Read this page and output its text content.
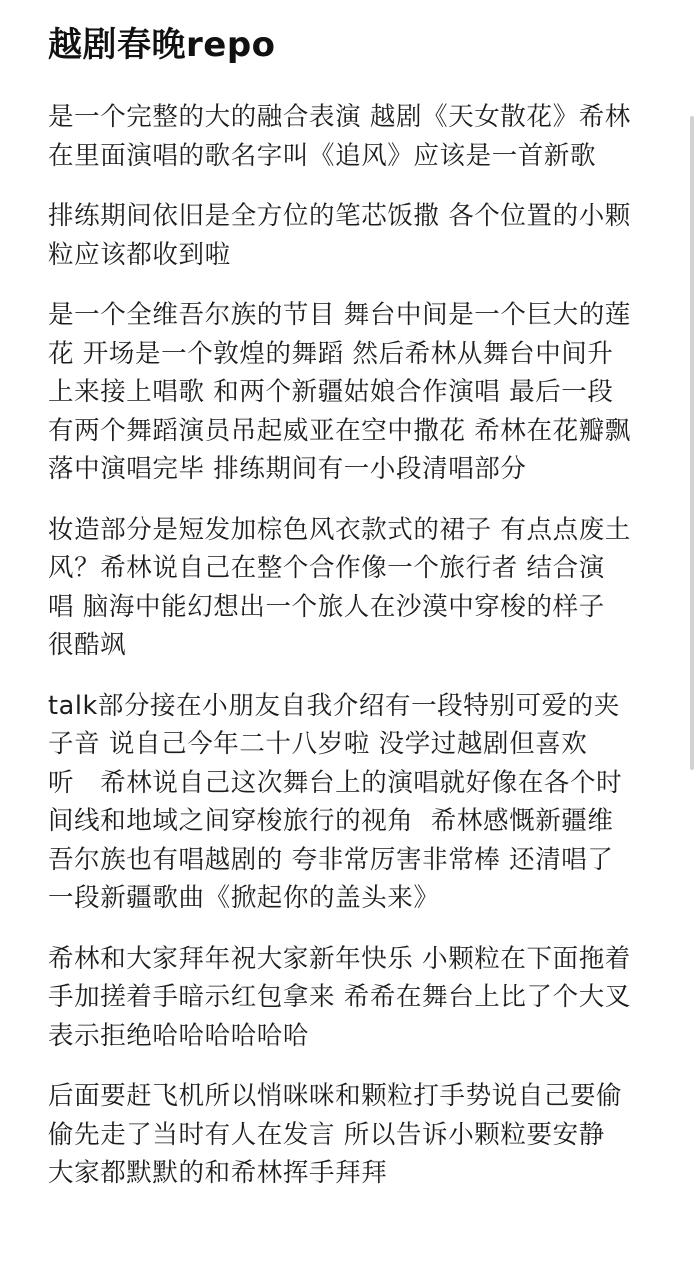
越剧春晚repo
是一个完整的大的融合表演 越剧《天女散花》希林
在里面演唱的歌名字叫《追风》应该是一首新歌
排练期间依旧是全方位的笔芯饭撒 各个位置的小颗
粒应该都收到啦
是一个全维吾尔族的节目 舞台中间是一个巨大的莲
花 开场是一个敦煌的舞蹈 然后希林从舞台中间升
上来接上唱歌 和两个新疆姑娘合作演唱 最后一段
有两个舞蹈演员吊起威亚在空中撒花 希林在花瓣飘
落中演唱完毕 排练期间有一小段清唱部分
妆造部分是短发加棕色风衣款式的裙子 有点点废土
风？希林说自己在整个合作像一个旅行者 结合演
唱 脑海中能幻想出一个旅人在沙漠中穿梭的样子
很酷飒
talk部分接在小朋友自我介绍有一段特别可爱的夹
子音 说自己今年二十八岁啦 没学过越剧但喜欢
听   希林说自己这次舞台上的演唱就好像在各个时
间线和地域之间穿梭旅行的视角  希林感慨新疆维
吾尔族也有唱越剧的 夸非常厉害非常棒 还清唱了
一段新疆歌曲《掀起你的盖头来》
希林和大家拜年祝大家新年快乐 小颗粒在下面拖着
手加搓着手暗示红包拿来 希希在舞台上比了个大叉
表示拒绝哈哈哈哈哈哈
后面要赶飞机所以悄咪咪和颗粒打手势说自己要偷
偷先走了当时有人在发言 所以告诉小颗粒要安静
大家都默默的和希林挥手拜拜
